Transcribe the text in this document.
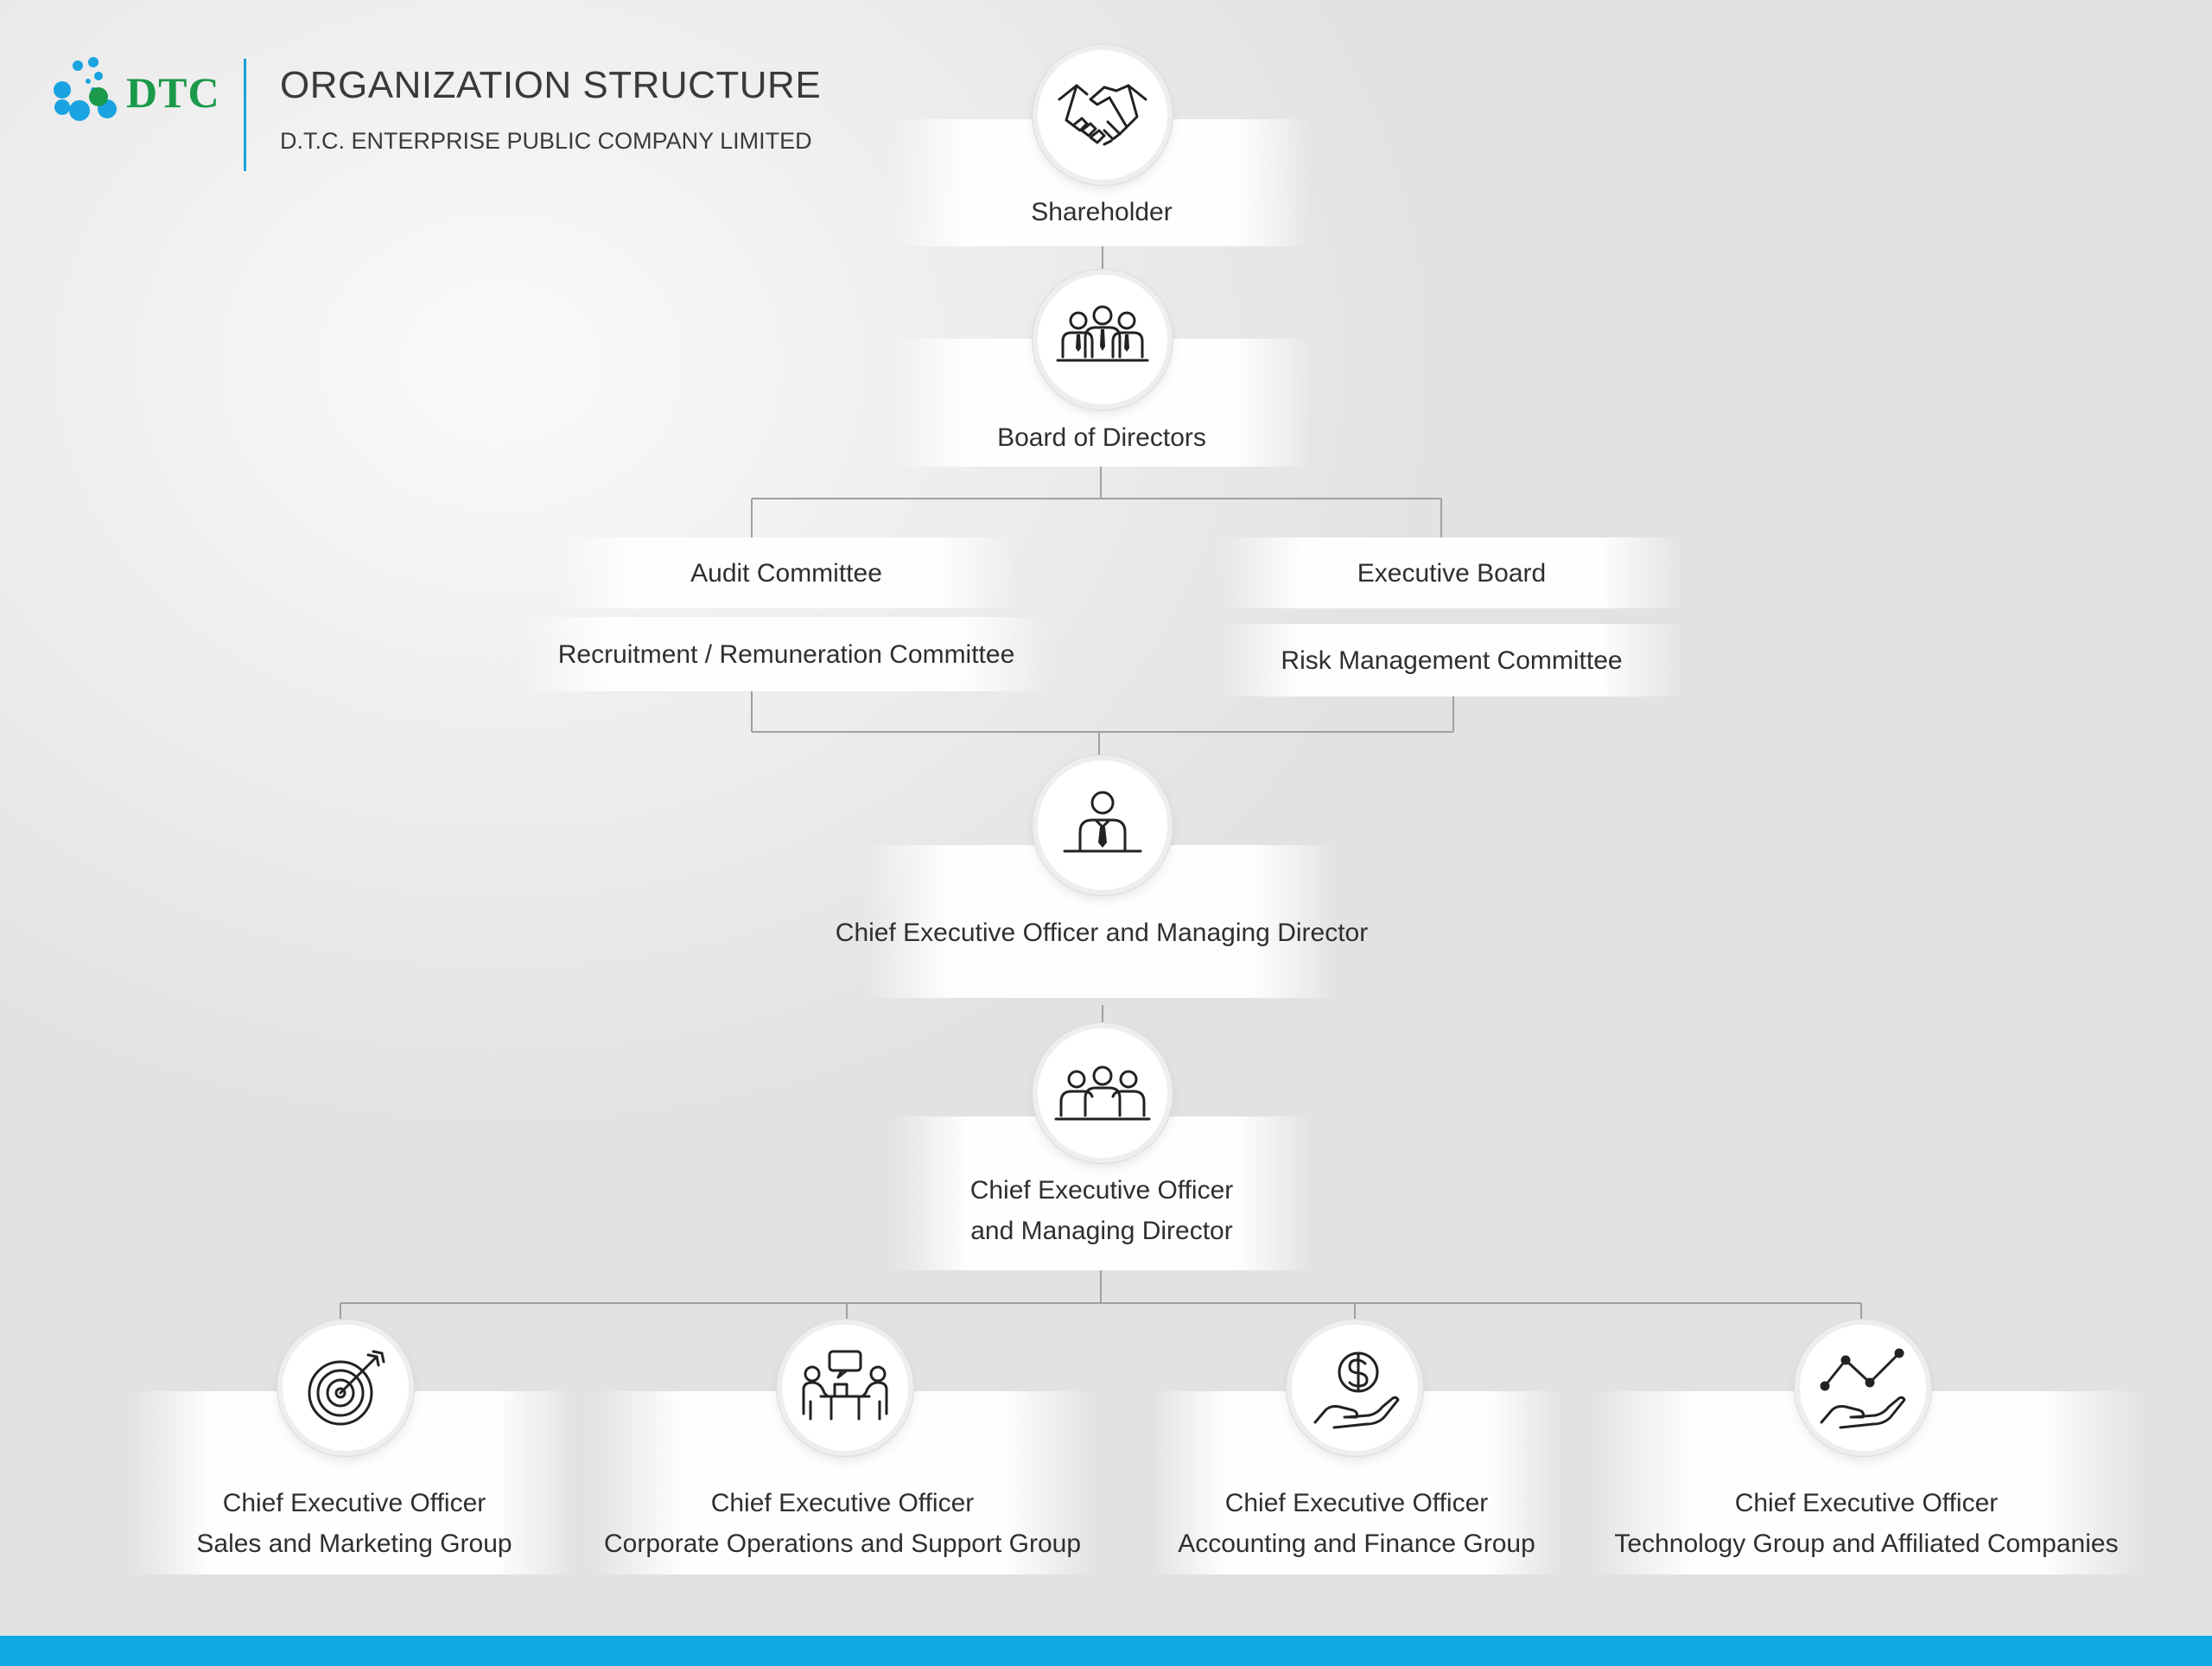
DTC ORGANIZATION STRUCTURE
D.T.C. ENTERPRISE PUBLIC COMPANY LIMITED
Shareholder
Board of Directors
Audit Committee
Recruitment / Remuneration Committee
Executive Board
Risk Management Committee
Chief Executive Officer and Managing Director
Chief Executive Officer
and Managing Director
Chief Executive Officer
Sales and Marketing Group
Chief Executive Officer
Corporate Operations and Support Group
Chief Executive Officer
Accounting and Finance Group
Chief Executive Officer
Technology Group and Affiliated Companies
